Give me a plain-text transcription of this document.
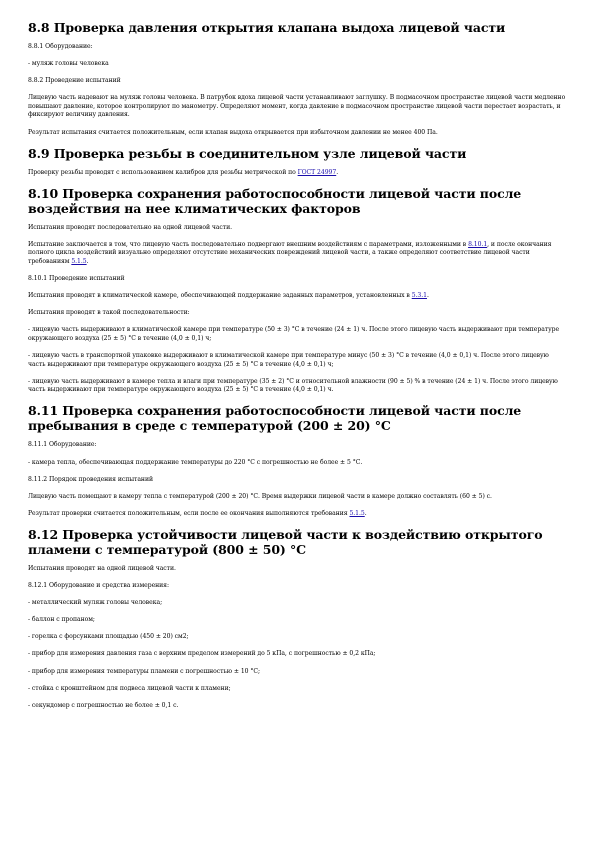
8.8 Проверка давления открытия клапана выдоха лицевой части

8.8.1 Оборудование:

- муляж головы человека

8.8.2 Проведение испытаний

Лицевую часть надевают на муляж головы человека. В патрубок вдоха лицевой части устанавливают заглушку. В подмасочном пространстве лицевой части медленно повышают давление, которое контролируют по манометру. Определяют момент, когда давление в подмасочном пространстве лицевой части перестает возрастать, и фиксируют величину давления.

Результат испытания считается положительным, если клапан выдоха открывается при избыточном давлении не менее 400 Па.

8.9 Проверка резьбы в соединительном узле лицевой части

Проверку резьбы проводят с использованием калибров для резьбы метрической по ГОСТ 24997.

8.10 Проверка сохранения работоспособности лицевой части после воздействия на нее климатических факторов

Испытания проводят последовательно на одной лицевой части.

Испытание заключается в том, что лицевую часть последовательно подвергают внешним воздействиям с параметрами, изложенными в 8.10.1, и после окончания полного цикла воздействий визуально определяют отсутствие механических повреждений лицевой части, а также определяют соответствие лицевой части требованиям 5.1.5.

8.10.1 Проведение испытаний

Испытания проводят в климатической камере, обеспечивающей поддержание заданных параметров, установленных в 5.3.1.

Испытания проводят в такой последовательности:

- лицевую часть выдерживают в климатической камере при температуре (50 ± 3) °С в течение (24 ± 1) ч. После этого лицевую часть выдерживают при температуре окружающего воздуха (25 ± 5) °С в течение (4,0 ± 0,1) ч;

- лицевую часть в транспортной упаковке выдерживают в климатической камере при температуре минус (50 ± 3) °С в течение (4,0 ± 0,1) ч. После этого лицевую часть выдерживают при температуре окружающего воздуха (25 ± 5) °С в течение (4,0 ± 0,1) ч;

- лицевую часть выдерживают в камере тепла и влаги при температуре (35 ± 2) °С и относительной влажности (90 ± 5) % в течение (24 ± 1) ч. После этого лицевую часть выдерживают при температуре окружающего воздуха (25 ± 5) °С в течение (4,0 ± 0,1) ч.

8.11 Проверка сохранения работоспособности лицевой части после пребывания в среде с температурой (200 ± 20) °С

8.11.1 Оборудование:

- камера тепла, обеспечивающая поддержание температуры до 220 °С с погрешностью не более ± 5 °С.

8.11.2 Порядок проведения испытаний

Лицевую часть помещают в камеру тепла с температурой (200 ± 20) °С. Время выдержки лицевой части в камере должно составлять (60 ± 5) с.

Результат проверки считается положительным, если после ее окончания выполняются требования 5.1.5.

8.12 Проверка устойчивости лицевой части к воздействию открытого пламени с температурой (800 ± 50) °С

Испытания проводят на одной лицевой части.

8.12.1 Оборудование и средства измерения:

- металлический муляж головы человека;

- баллон с пропаном;

- горелка с форсунками площадью (450 ± 20) см2;

- прибор для измерения давления газа с верхним пределом измерений до 5 кПа, с погрешностью ± 0,2 кПа;

- прибор для измерения температуры пламени с погрешностью ± 10 °С;

- стойка с кронштейном для подвеса лицевой части к пламени;

- секундомер с погрешностью не более ± 0,1 с.
